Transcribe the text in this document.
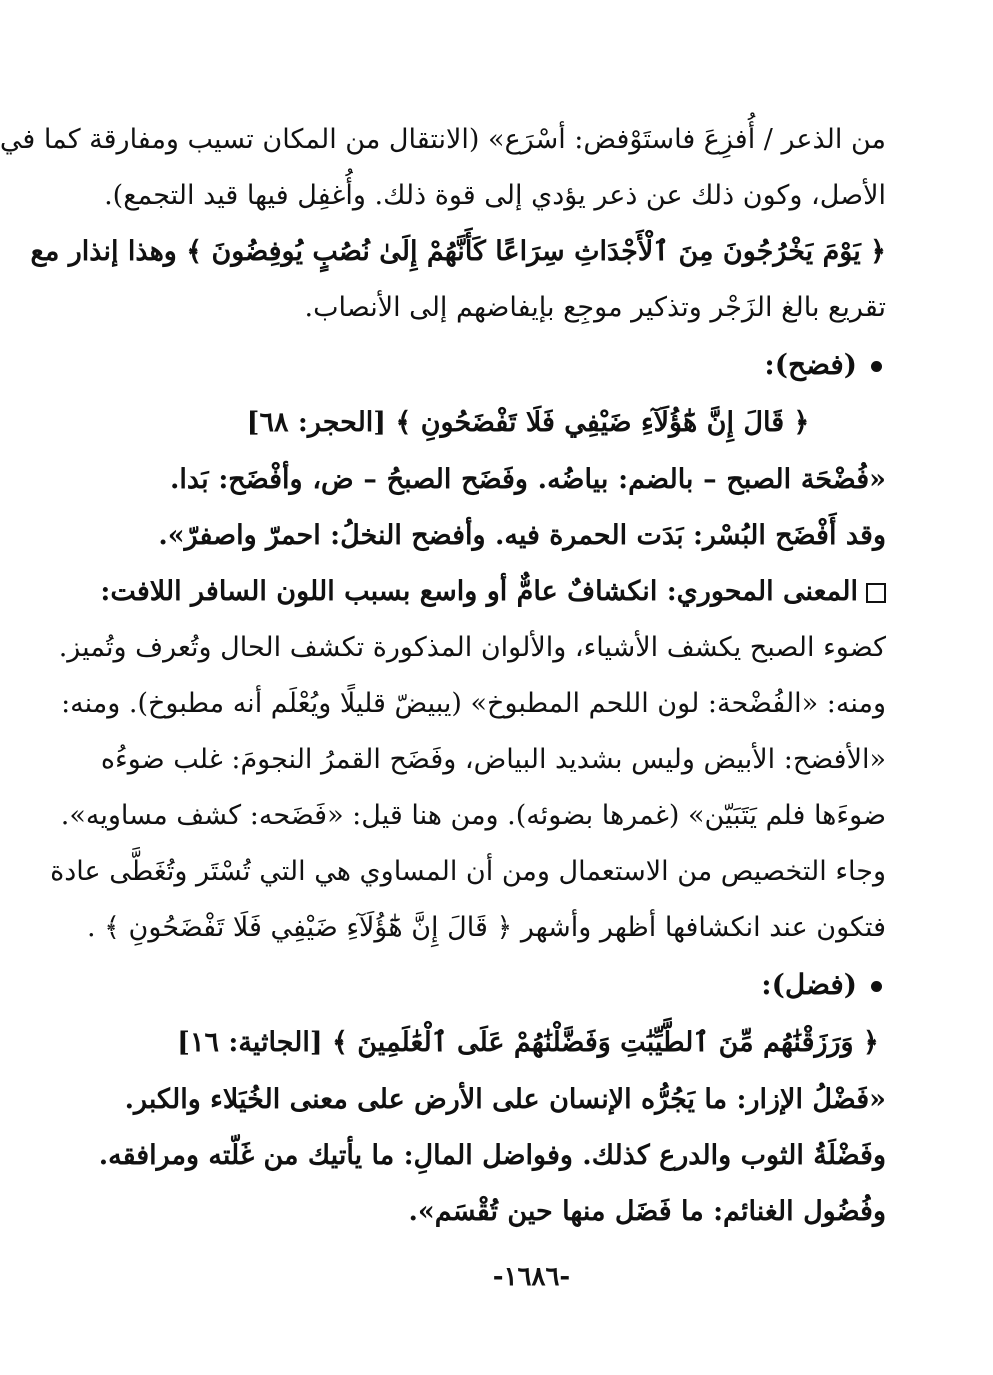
من الذعر / أُفزِعَ فاستَوْفض: أسْرَع» (الانتقال من المكان تسيب ومفارقة كما في
الأصل، وكون ذلك عن ذعر يؤدي إلى قوة ذلك. وأُغفِل فيها قيد التجمع).
﴿ يَوْمَ يَخْرُجُونَ مِنَ ٱلْأَجْدَاثِ سِرَاعًا كَأَنَّهُمْ إِلَىٰ نُصُبٍ يُوفِضُونَ ﴾ وهذا إنذار مع
تقريع بالغ الزَجْر وتذكير موجِع بإيفاضهم إلى الأنصاب.
(فضح):
﴿ قَالَ إِنَّ هَٰٓؤُلَآءِ ضَيْفِي فَلَا تَفْضَحُونِ ﴾ [الحجر: ٦٨]
«فُضْحَة الصبح – بالضم: بياضُه. وفَضَح الصبحُ – ض، وأفْضَح: بَدا.
وقد أَفْضَح البُسْر: بَدَت الحمرة فيه. وأفضح النخلُ: احمرّ واصفرّ».
المعنى المحوري: انكشافٌ عامٌّ أو واسع بسبب اللون السافر اللافت:
كضوء الصبح يكشف الأشياء، والألوان المذكورة تكشف الحال وتُعرف وتُميز.
ومنه: «الفُضْحة: لون اللحم المطبوخ» (يبيضّ قليلًا ويُعْلَم أنه مطبوخ). ومنه:
«الأفضح: الأبيض وليس بشديد البياض، وفَضَح القمرُ النجومَ: غلب ضوءُه
ضوءَها فلم يَتَبَيّن» (غمرها بضوئه). ومن هنا قيل: «فَضَحه: كشف مساويه».
وجاء التخصيص من الاستعمال ومن أن المساوي هي التي تُسْتَر وتُغَطَّى عادة
فتكون عند انكشافها أظهر وأشهر ﴿ قَالَ إِنَّ هَٰٓؤُلَآءِ ضَيْفِي فَلَا تَفْضَحُونِ ﴾ .
(فضل):
﴿ وَرَزَقْنَٰهُم مِّنَ ٱلطَّيِّبَٰتِ وَفَضَّلْنَٰهُمْ عَلَى ٱلْعَٰلَمِينَ ﴾ [الجاثية: ١٦]
«فَضْلُ الإزار: ما يَجُرُّه الإنسان على الأرض على معنى الخُيَلاء والكبر.
وفَضْلَةُ الثوب والدرع كذلك. وفواضل المالِ: ما يأتيك من غَلّته ومرافقه.
وفُضُول الغنائم: ما فَضَل منها حين تُقْسَم».
-١٦٨٦-
